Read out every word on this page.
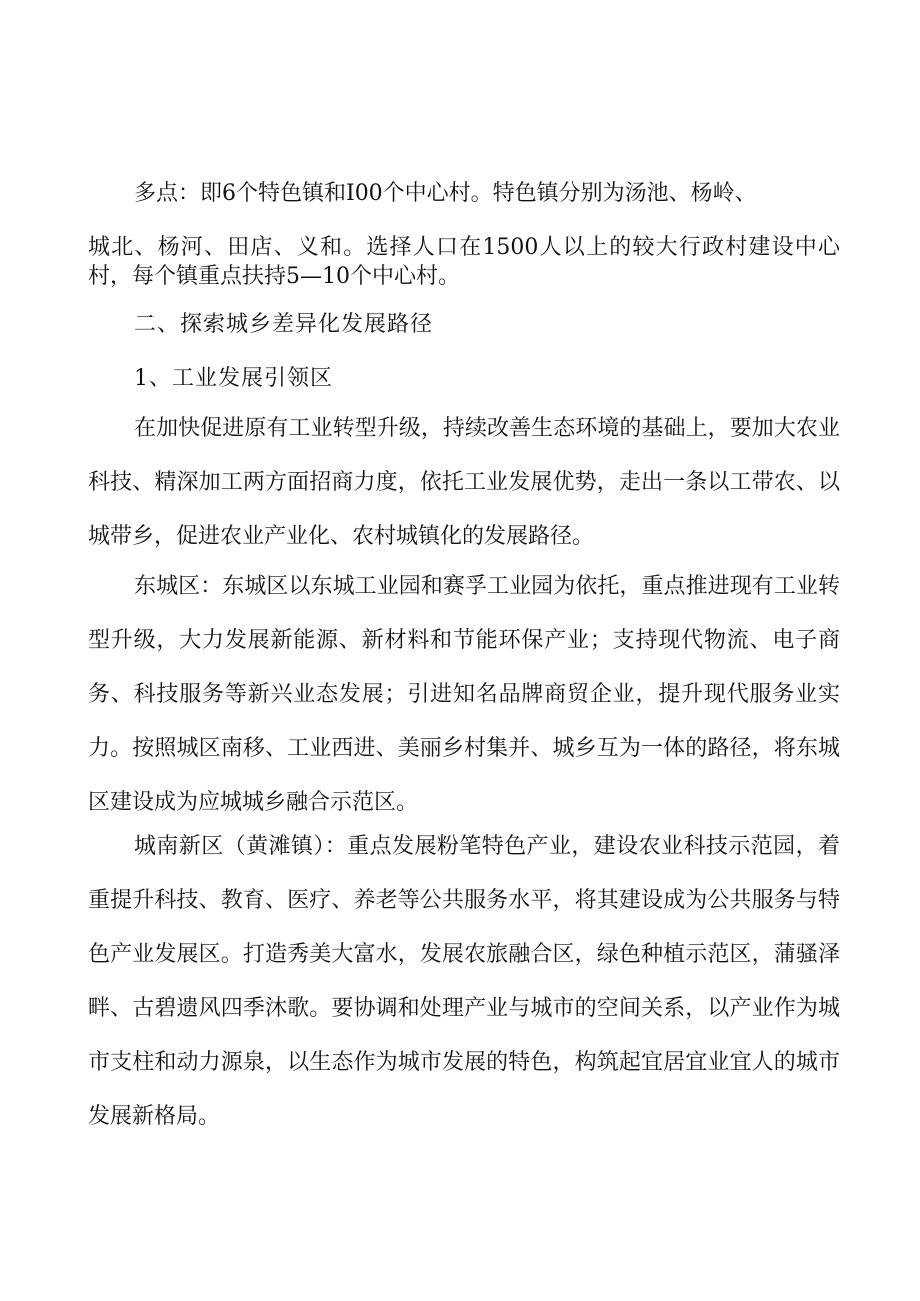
多点：即6个特色镇和I00个中心村。特色镇分别为汤池、杨岭、

城北、杨河、田店、义和。选择人口在1500人以上的较大行政村建设中心村，每个镇重点扶持5—10个中心村。

二、探索城乡差异化发展路径

1、工业发展引领区

在加快促进原有工业转型升级，持续改善生态环境的基础上，要加大农业科技、精深加工两方面招商力度，依托工业发展优势，走出一条以工带农、以城带乡，促进农业产业化、农村城镇化的发展路径。

东城区：东城区以东城工业园和赛孚工业园为依托，重点推进现有工业转型升级，大力发展新能源、新材料和节能环保产业；支持现代物流、电子商务、科技服务等新兴业态发展；引进知名品牌商贸企业，提升现代服务业实力。按照城区南移、工业西进、美丽乡村集并、城乡互为一体的路径，将东城区建设成为应城城乡融合示范区。

城南新区（黄滩镇）：重点发展粉笔特色产业，建设农业科技示范园，着重提升科技、教育、医疗、养老等公共服务水平，将其建设成为公共服务与特色产业发展区。打造秀美大富水，发展农旅融合区，绿色种植示范区，蒲骚泽畔、古碧遗风四季沐歌。要协调和处理产业与城市的空间关系，以产业作为城市支柱和动力源泉，以生态作为城市发展的特色，构筑起宜居宜业宜人的城市发展新格局。
